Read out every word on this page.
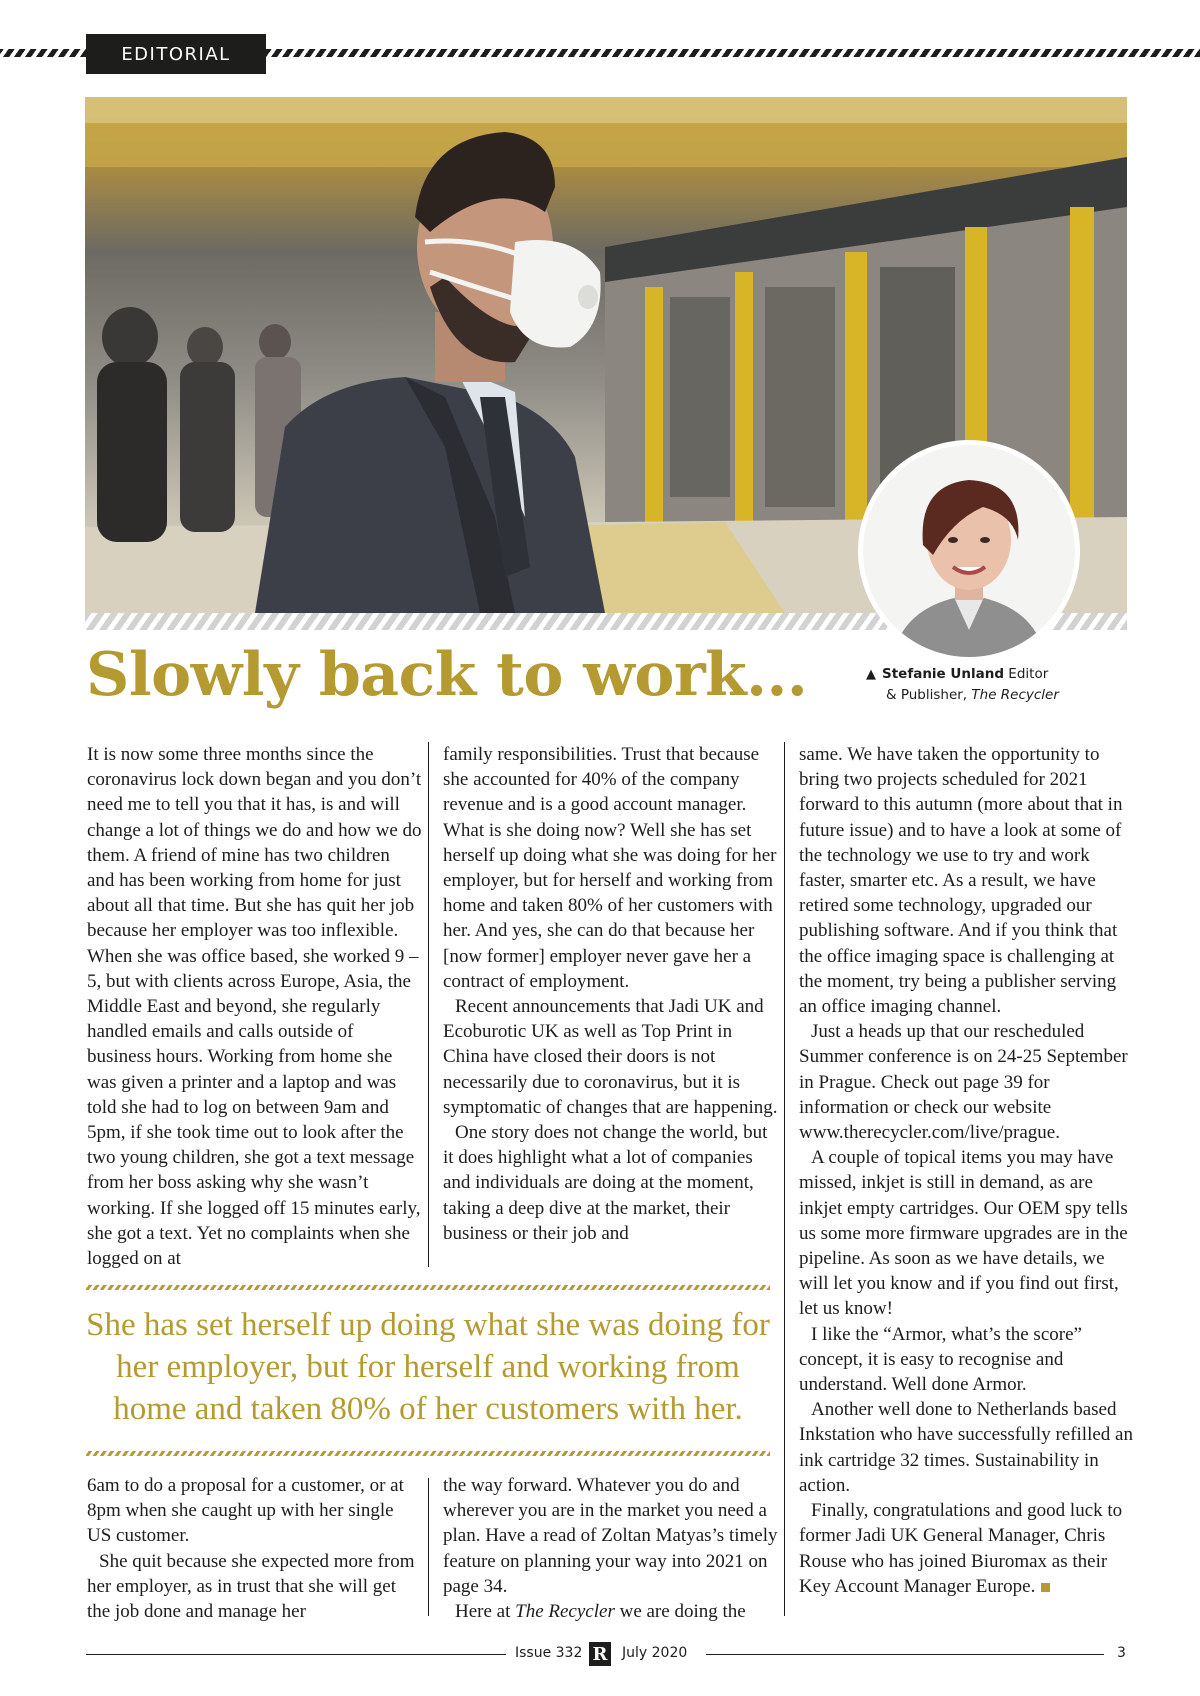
EDITORIAL
▲ Stefanie Unland Editor
& Publisher, The Recycler
Slowly back to work...

It is now some three months since the coronavirus lock down began and you don’t need me to tell you that it has, is and will change a lot of things we do and how we do them. A friend of mine has two children and has been working from home for just about all that time. But she has quit her job because her employer was too inflexible. When she was office based, she worked 9 – 5, but with clients across Europe, Asia, the Middle East and beyond, she regularly handled emails and calls outside of business hours. Working from home she was given a printer and a laptop and was told she had to log on between 9am and 5pm, if she took time out to look after the two young children, she got a text message from her boss asking why she wasn’t working. If she logged off 15 minutes early, she got a text. Yet no complaints when she logged on at

family responsibilities. Trust that because she accounted for 40% of the company revenue and is a good account manager. What is she doing now? Well she has set herself up doing what she was doing for her employer, but for herself and working from home and taken 80% of her customers with her. And yes, she can do that because her [now former] employer never gave her a contract of employment.

Recent announcements that Jadi UK and Ecoburotic UK as well as Top Print in China have closed their doors is not necessarily due to coronavirus, but it is symptomatic of changes that are happening.

One story does not change the world, but it does highlight what a lot of companies and individuals are doing at the moment, taking a deep dive at the market, their business or their job and

same. We have taken the opportunity to bring two projects scheduled for 2021 forward to this autumn (more about that in future issue) and to have a look at some of the technology we use to try and work faster, smarter etc. As a result, we have retired some technology, upgraded our publishing software. And if you think that the office imaging space is challenging at the moment, try being a publisher serving an office imaging channel.

Just a heads up that our rescheduled Summer conference is on 24-25 September in Prague. Check out page 39 for information or check our website www.therecycler.com/live/prague.

A couple of topical items you may have missed, inkjet is still in demand, as are inkjet empty cartridges. Our OEM spy tells us some more firmware upgrades are in the pipeline. As soon as we have details, we will let you know and if you find out first, let us know!

I like the “Armor, what’s the score” concept, it is easy to recognise and understand. Well done Armor.

Another well done to Netherlands based Inkstation who have successfully refilled an ink cartridge 32 times. Sustainability in action.

Finally, congratulations and good luck to former Jadi UK General Manager, Chris Rouse who has joined Biuromax as their Key Account Manager Europe.

She has set herself up doing what she was doing for her employer, but for herself and working from home and taken 80% of her customers with her.

6am to do a proposal for a customer, or at 8pm when she caught up with her single US customer.

She quit because she expected more from her employer, as in trust that she will get the job done and manage her

the way forward. Whatever you do and wherever you are in the market you need a plan. Have a read of Zoltan Matyas’s timely feature on planning your way into 2021 on page 34.

Here at The Recycler we are doing the

Issue 332 R July 2020	3
